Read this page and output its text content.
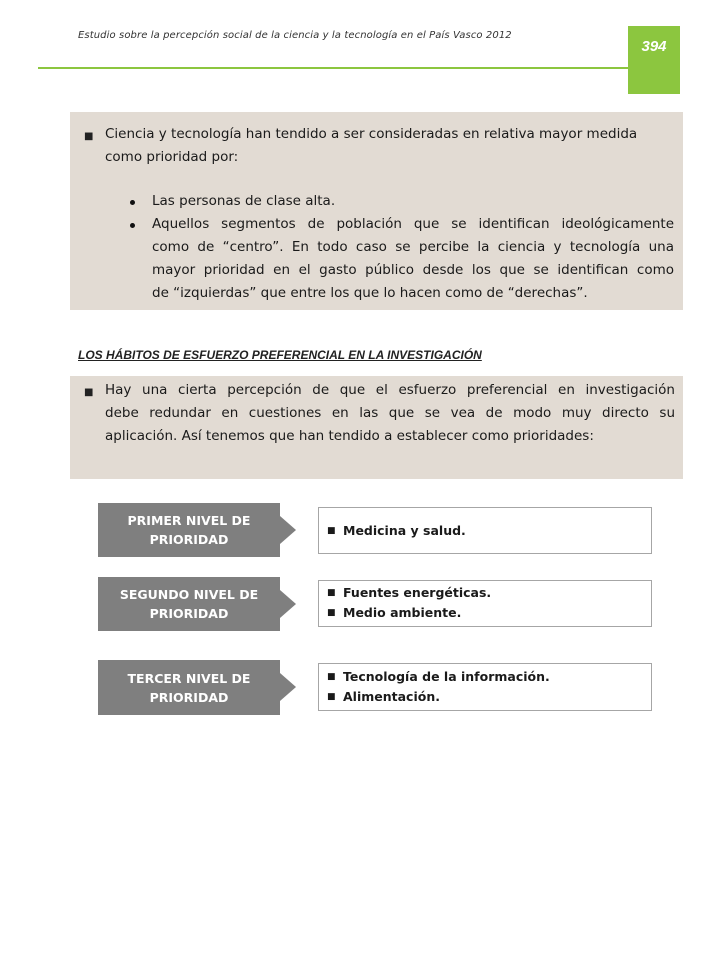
Estudio sobre la percepción social de la ciencia y la tecnología en el País Vasco 2012
394
■ Ciencia y tecnología han tendido a ser consideradas en relativa mayor medida
como prioridad por:
Las personas de clase alta.
Aquellos segmentos de población que se identifican ideológicamente
como de “centro”. En todo caso se percibe la ciencia y tecnología una
mayor prioridad en el gasto público desde los que se identifican como
de “izquierdas” que entre los que lo hacen como de “derechas”.
LOS HÁBITOS DE ESFUERZO PREFERENCIAL EN LA INVESTIGACIÓN
■ Hay una cierta percepción de que el esfuerzo preferencial en investigación
debe redundar en cuestiones en las que se vea de modo muy directo su
aplicación. Así tenemos que han tendido a establecer como prioridades:
PRIMER NIVEL DE
PRIORIDAD
■ Medicina y salud.
SEGUNDO NIVEL DE
PRIORIDAD
■ Fuentes energéticas.
■ Medio ambiente.
TERCER NIVEL DE
PRIORIDAD
■ Tecnología de la información.
■ Alimentación.
